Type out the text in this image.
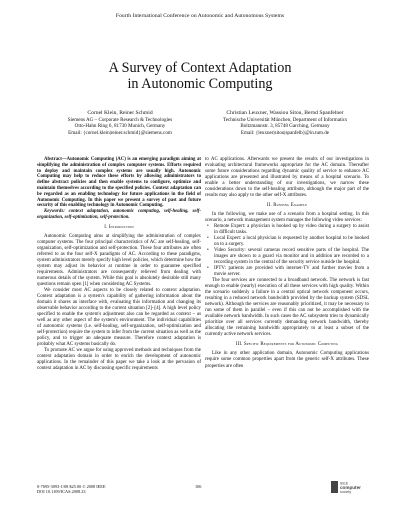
Fourth International Conference on Autonomic and Autonomous Systems
A Survey of Context Adaptation
in Autonomic Computing
Cornel Klein, Reiner Schmid
Siemens AG – Corporate Research & Technologies
Otto-Hahn Ring 6, 81730 Munich, Germany
Email: {cornel.klein|reiner.schmid}@siemens.com
Christian Leuxner, Wassiou Sitou, Bernd Spanfelner
Technische Universität München, Department of Informatics
Boltzmannstr. 3, 85748 Garching, Germany
Email: {leuxner|sitou|spanfelb}@in.tum.de

Abstract—Autonomic Computing (AC) is an emerging paradigm aiming at simplifying the administration of complex computer systems. Efforts required to deploy and maintain complex systems are usually high. Autonomic Computing may help to reduce these efforts by allowing administrators to define abstract policies and then enable systems to configure, optimize and maintain themselves according to the specified policies. Context adaptation can be regarded as an enabling technology for future applications in the field of Autonomic Computing. In this paper we present a survey of past and future security of this enabling technology in Autonomic Computing.

Keywords: context adaptation, autonomic computing, self-healing, self-organization, self-optimization, self-protection.

I. Introduction

Autonomic Computing aims at simplifying the administration of complex computer systems. The four principal characteristics of AC are self-healing, self-organization, self-optimization and self-protection. These four attributes are often referred to as the four self-X paradigms of AC. According to these paradigms, system administrators merely specify high level policies, which determine how the system may adjust its behavior at runtime in order to guarantee specified requirements. Administrators are consequently relieved from dealing with numerous details of the system. While this goal is absolutely desirable still many questions remain open [1] when considering AC Systems.

We consider most AC aspects to be closely related to context adaptation. Context adaptation is a system's capability of gathering information about the domain it shares an interface with, evaluating this information and changing its observable behavior according to the current situation [2]–[4]. A high level policy specified to enable the system's adjustment also can be regarded as context – as well as any other aspect of the system's environment. The individual capabilities of autonomic systems (i.e. self-healing, self-organization, self-optimization and self-protection) require the system to infer from the current situation as well as the policy, and to trigger an adequate measure. Therefore context adaptation is probably what AC systems basically do.

To promote AC we argue for using approved methods and techniques from the context adaptation domain in order to enrich the development of autonomic applications. In the remainder of this paper we take a look at the pervasion of context adaptation in AC by discussing specific requirements

to AC applications. Afterwards we present the results of our investigations in evaluating architectural frameworks appropriate for the AC domain. Thereafter some future considerations regarding dynamic quality of service to enhance AC applications are presented and illustrated by means of a hospital scenario. To enable a better understanding of our investigations, we narrow these considerations down to the self-healing attribute, although the major part of the results may also apply to the other self-X attributes.

II. Running Example

In the following, we make use of a scenario from a hospital setting. In this scenario, a network management system manages the following video services:

• Remote Expert: a physician is hooked up by video during a surgery to assist in difficult tasks.
• Local Expert: a local physician is requested by another hospital to be hooked on to a surgery.
• Video Security: several cameras record sensitive parts of the hospital. The images are shown to a guard via monitor and in addition are recorded to a recording system in the central of the security service outside the hospital.
• IPTV: patients are provided with internet-TV and further movies from a movie server.

The four services are connected to a broadband network. The network is fast enough to enable (nearly) execution of all these services with high quality. Within the scenario suddenly a failure in a central optical network component occurs, resulting in a reduced network bandwidth provided by the backup system (SDSL network). Although the services are reasonably prioritized, it may be necessary to run some of them in parallel – even if this can not be accomplished with the available network bandwidth. In such cases the AC subsystem tries to dynamically prioritize over all services currently demanding network bandwidth, thereby allocating the remaining bandwidth appropriately to at least a subset of the currently active network services.

III. Specific Requirements for Autonomic Computing

Like in any other application domain, Autonomic Computing applications require some common properties apart from the generic self-X attributes. These properties are often

0-7695-3093-1/08 $25.00 © 2008 IEEE
DOI 10.1109/ICAS.2008.23
106
IEEE
computer
society
